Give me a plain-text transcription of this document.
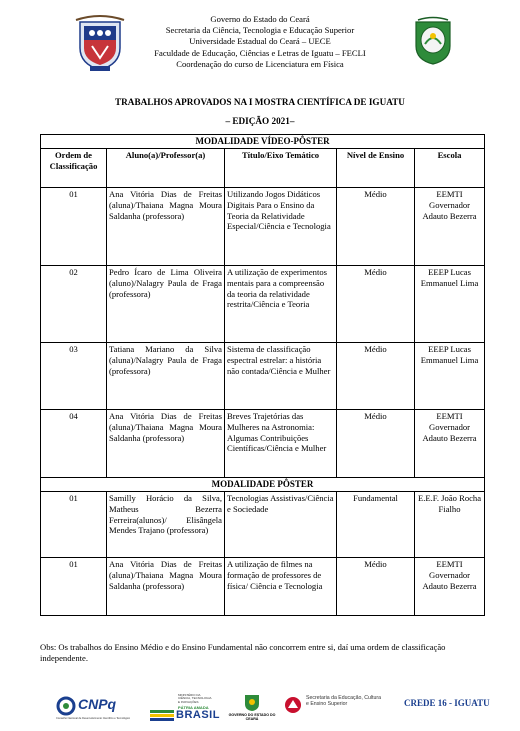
Governo do Estado do Ceará
Secretaria da Ciência, Tecnologia e Educação Superior
Universidade Estadual do Ceará – UECE
Faculdade de Educação, Ciências e Letras de Iguatu – FECLI
Coordenação do curso de Licenciatura em Física
TRABALHOS APROVADOS NA I MOSTRA CIENTÍFICA DE IGUATU
– EDIÇÃO 2021–
MODALIDADE VÍDEO-PÔSTER				
Ordem de Classificação	Aluno(a)/Professor(a)	Título/Eixo Temático	Nível de Ensino	Escola
01	Ana Vitória Dias de Freitas (aluna)/Thaiana Magna Moura Saldanha (professora)	Utilizando Jogos Didáticos Digitais Para o Ensino da Teoria da Relatividade Especial/Ciência e Tecnologia	Médio	EEMTI Governador Adauto Bezerra
02	Pedro Ícaro de Lima Oliveira (aluno)/Nalagry Paula de Fraga (professora)	A utilização de experimentos mentais para a compreensão da teoria da relatividade restrita/Ciência e Teoria	Médio	EEEP Lucas Emmanuel Lima
03	Tatiana Mariano da Silva (aluna)/Nalagry Paula de Fraga (professora)	Sistema de classificação espectral estrelar: a história não contada/Ciência e Mulher	Médio	EEEP Lucas Emmanuel Lima
04	Ana Vitória Dias de Freitas (aluna)/Thaiana Magna Moura Saldanha (professora)	Breves Trajetórias das Mulheres na Astronomia: Algumas Contribuições Científicas/Ciência e Mulher	Médio	EEMTI Governador Adauto Bezerra
MODALIDADE PÔSTER				
01	Samilly Horácio da Silva, Matheus Bezerra Ferreira(alunos)/ Elisângela Mendes Trajano (professora)	Tecnologias Assistivas/Ciência e Sociedade	Fundamental	E.E.F. João Rocha Fialho
01	Ana Vitória Dias de Freitas (aluna)/Thaiana Magna Moura Saldanha (professora)	A utilização de filmes na formação de professores de física/ Ciência e Tecnologia	Médio	EEMTI Governador Adauto Bezerra
Obs: Os trabalhos do Ensino Médio e do Ensino Fundamental não concorrem entre si, daí uma ordem de classificação independente.
CNPq
Conselho Nacional de Desenvolvimento Científico e Tecnológico
MINISTÉRIO DA CIÊNCIA, TECNOLOGIA E INOVAÇÕES
PÁTRIA AMADA
BRASIL GOVERNO DO ESTADO DO CEARÁ
Secretaria da Educação, Cultura e Ensino Superior	CREDE 16 - IGUATU
